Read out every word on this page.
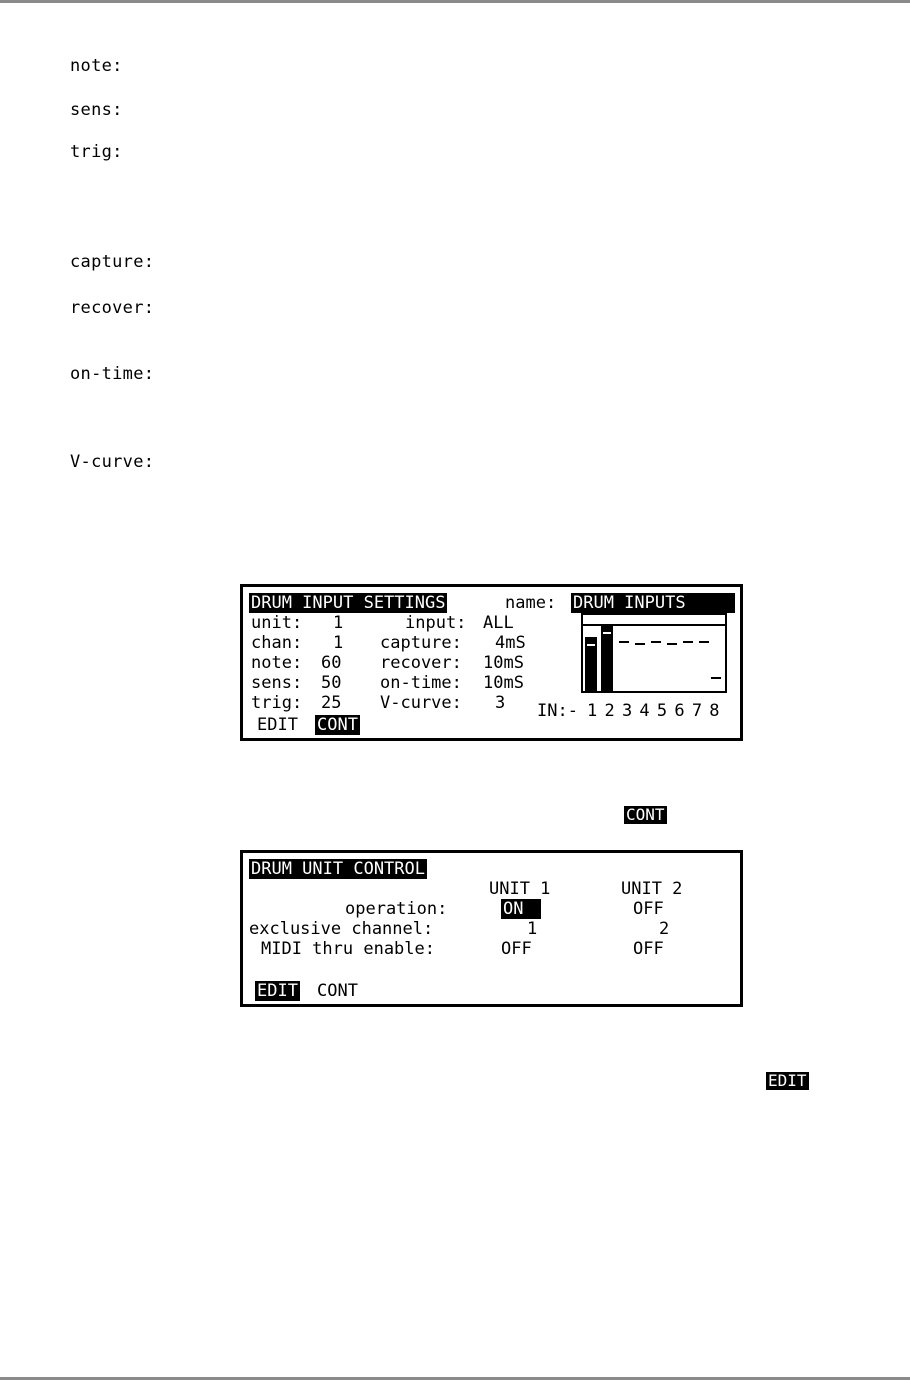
note:
sens:
trig:
capture:
recover:
on-time:
V-curve:
DRUM INPUT SETTINGS	name: DRUM INPUTS
unit: 1	input: ALL
chan: 1 capture: 4mS
note: 60 recover: 10mS
sens: 50 on-time: 10mS
trig: 25 V-curve: 3 IN:- 1 2 3 4 5 6 7 8
EDIT CONT
CONT
DRUM UNIT CONTROL
UNIT 1	UNIT 2
operation:	ON	OFF
exclusive channel:	1	2
MIDI thru enable:	OFF	OFF
EDIT CONT
EDIT
